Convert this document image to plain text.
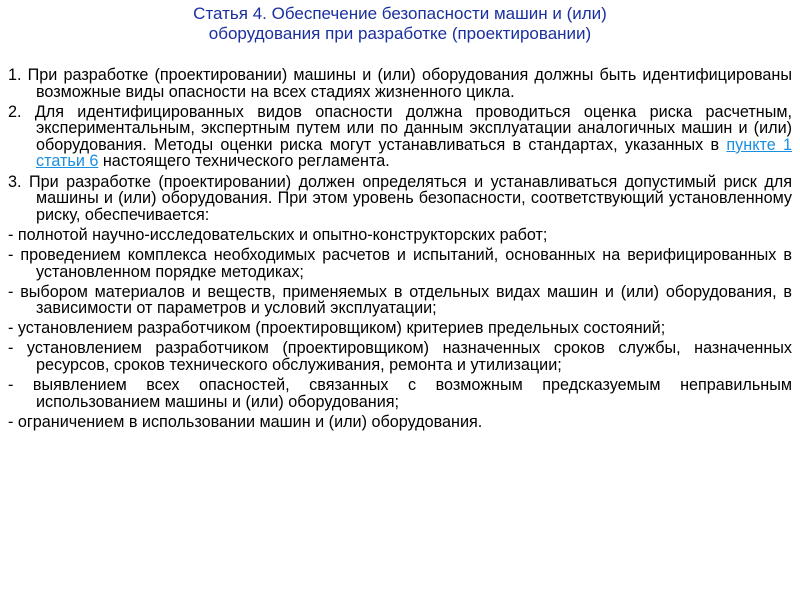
Статья 4. Обеспечение безопасности машин и (или)
оборудования при разработке (проектировании)
1. При разработке (проектировании) машины и (или) оборудования должны быть идентифицированы возможные виды опасности на всех стадиях жизненного цикла.
2. Для идентифицированных видов опасности должна проводиться оценка риска расчетным, экспериментальным, экспертным путем или по данным эксплуатации аналогичных машин и (или) оборудования. Методы оценки риска могут устанавливаться в стандартах, указанных в пункте 1 статьи 6 настоящего технического регламента.
3. При разработке (проектировании) должен определяться и устанавливаться допустимый риск для машины и (или) оборудования. При этом уровень безопасности, соответствующий установленному риску, обеспечивается:
- полнотой научно-исследовательских и опытно-конструкторских работ;
- проведением комплекса необходимых расчетов и испытаний, основанных на верифицированных в установленном порядке методиках;
- выбором материалов и веществ, применяемых в отдельных видах машин и (или) оборудования, в зависимости от параметров и условий эксплуатации;
- установлением разработчиком (проектировщиком) критериев предельных состояний;
- установлением разработчиком (проектировщиком) назначенных сроков службы, назначенных ресурсов, сроков технического обслуживания, ремонта и утилизации;
- выявлением всех опасностей, связанных с возможным предсказуемым неправильным использованием машины и (или) оборудования;
- ограничением в использовании машин и (или) оборудования.
